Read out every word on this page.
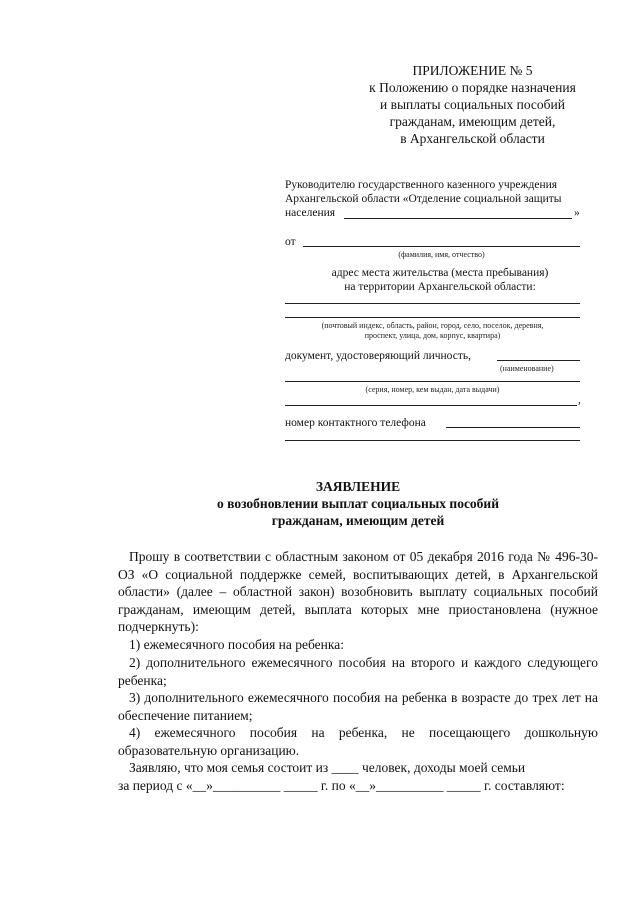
ПРИЛОЖЕНИЕ № 5
к Положению о порядке назначения
и выплаты социальных пособий
гражданам, имеющим детей,
в Архангельской области
Руководителю государственного казенного учреждения
Архангельской области «Отделение социальной защиты
населения	»
от
(фамилия, имя, отчество)
адрес места жительства (места пребывания)
на территории Архангельской области:
(почтовый индекс, область, район, город, село, поселок, деревня,
проспект, улица, дом, корпус, квартира)
документ, удостоверяющий личность,
(наименование)
(серия, номер, кем выдан, дата выдачи)
,
номер контактного телефона
ЗАЯВЛЕНИЕ
о возобновлении выплат социальных пособий
гражданам, имеющим детей
Прошу в соответствии с областным законом от 05 декабря 2016 года № 496-30-ОЗ «О социальной поддержке семей, воспитывающих детей, в Архангельской области» (далее – областной закон) возобновить выплату социальных пособий гражданам, имеющим детей, выплата которых мне приостановлена (нужное подчеркнуть):
1) ежемесячного пособия на ребенка:
2) дополнительного ежемесячного пособия на второго и каждого следующего ребенка;
3) дополнительного ежемесячного пособия на ребенка в возрасте до трех лет на обеспечение питанием;
4) ежемесячного пособия на ребенка, не посещающего дошкольную образовательную организацию.
Заявляю, что моя семья состоит из ____ человек, доходы моей семьи
за период с «__»__________ _____ г. по «__»__________ _____ г. составляют:
